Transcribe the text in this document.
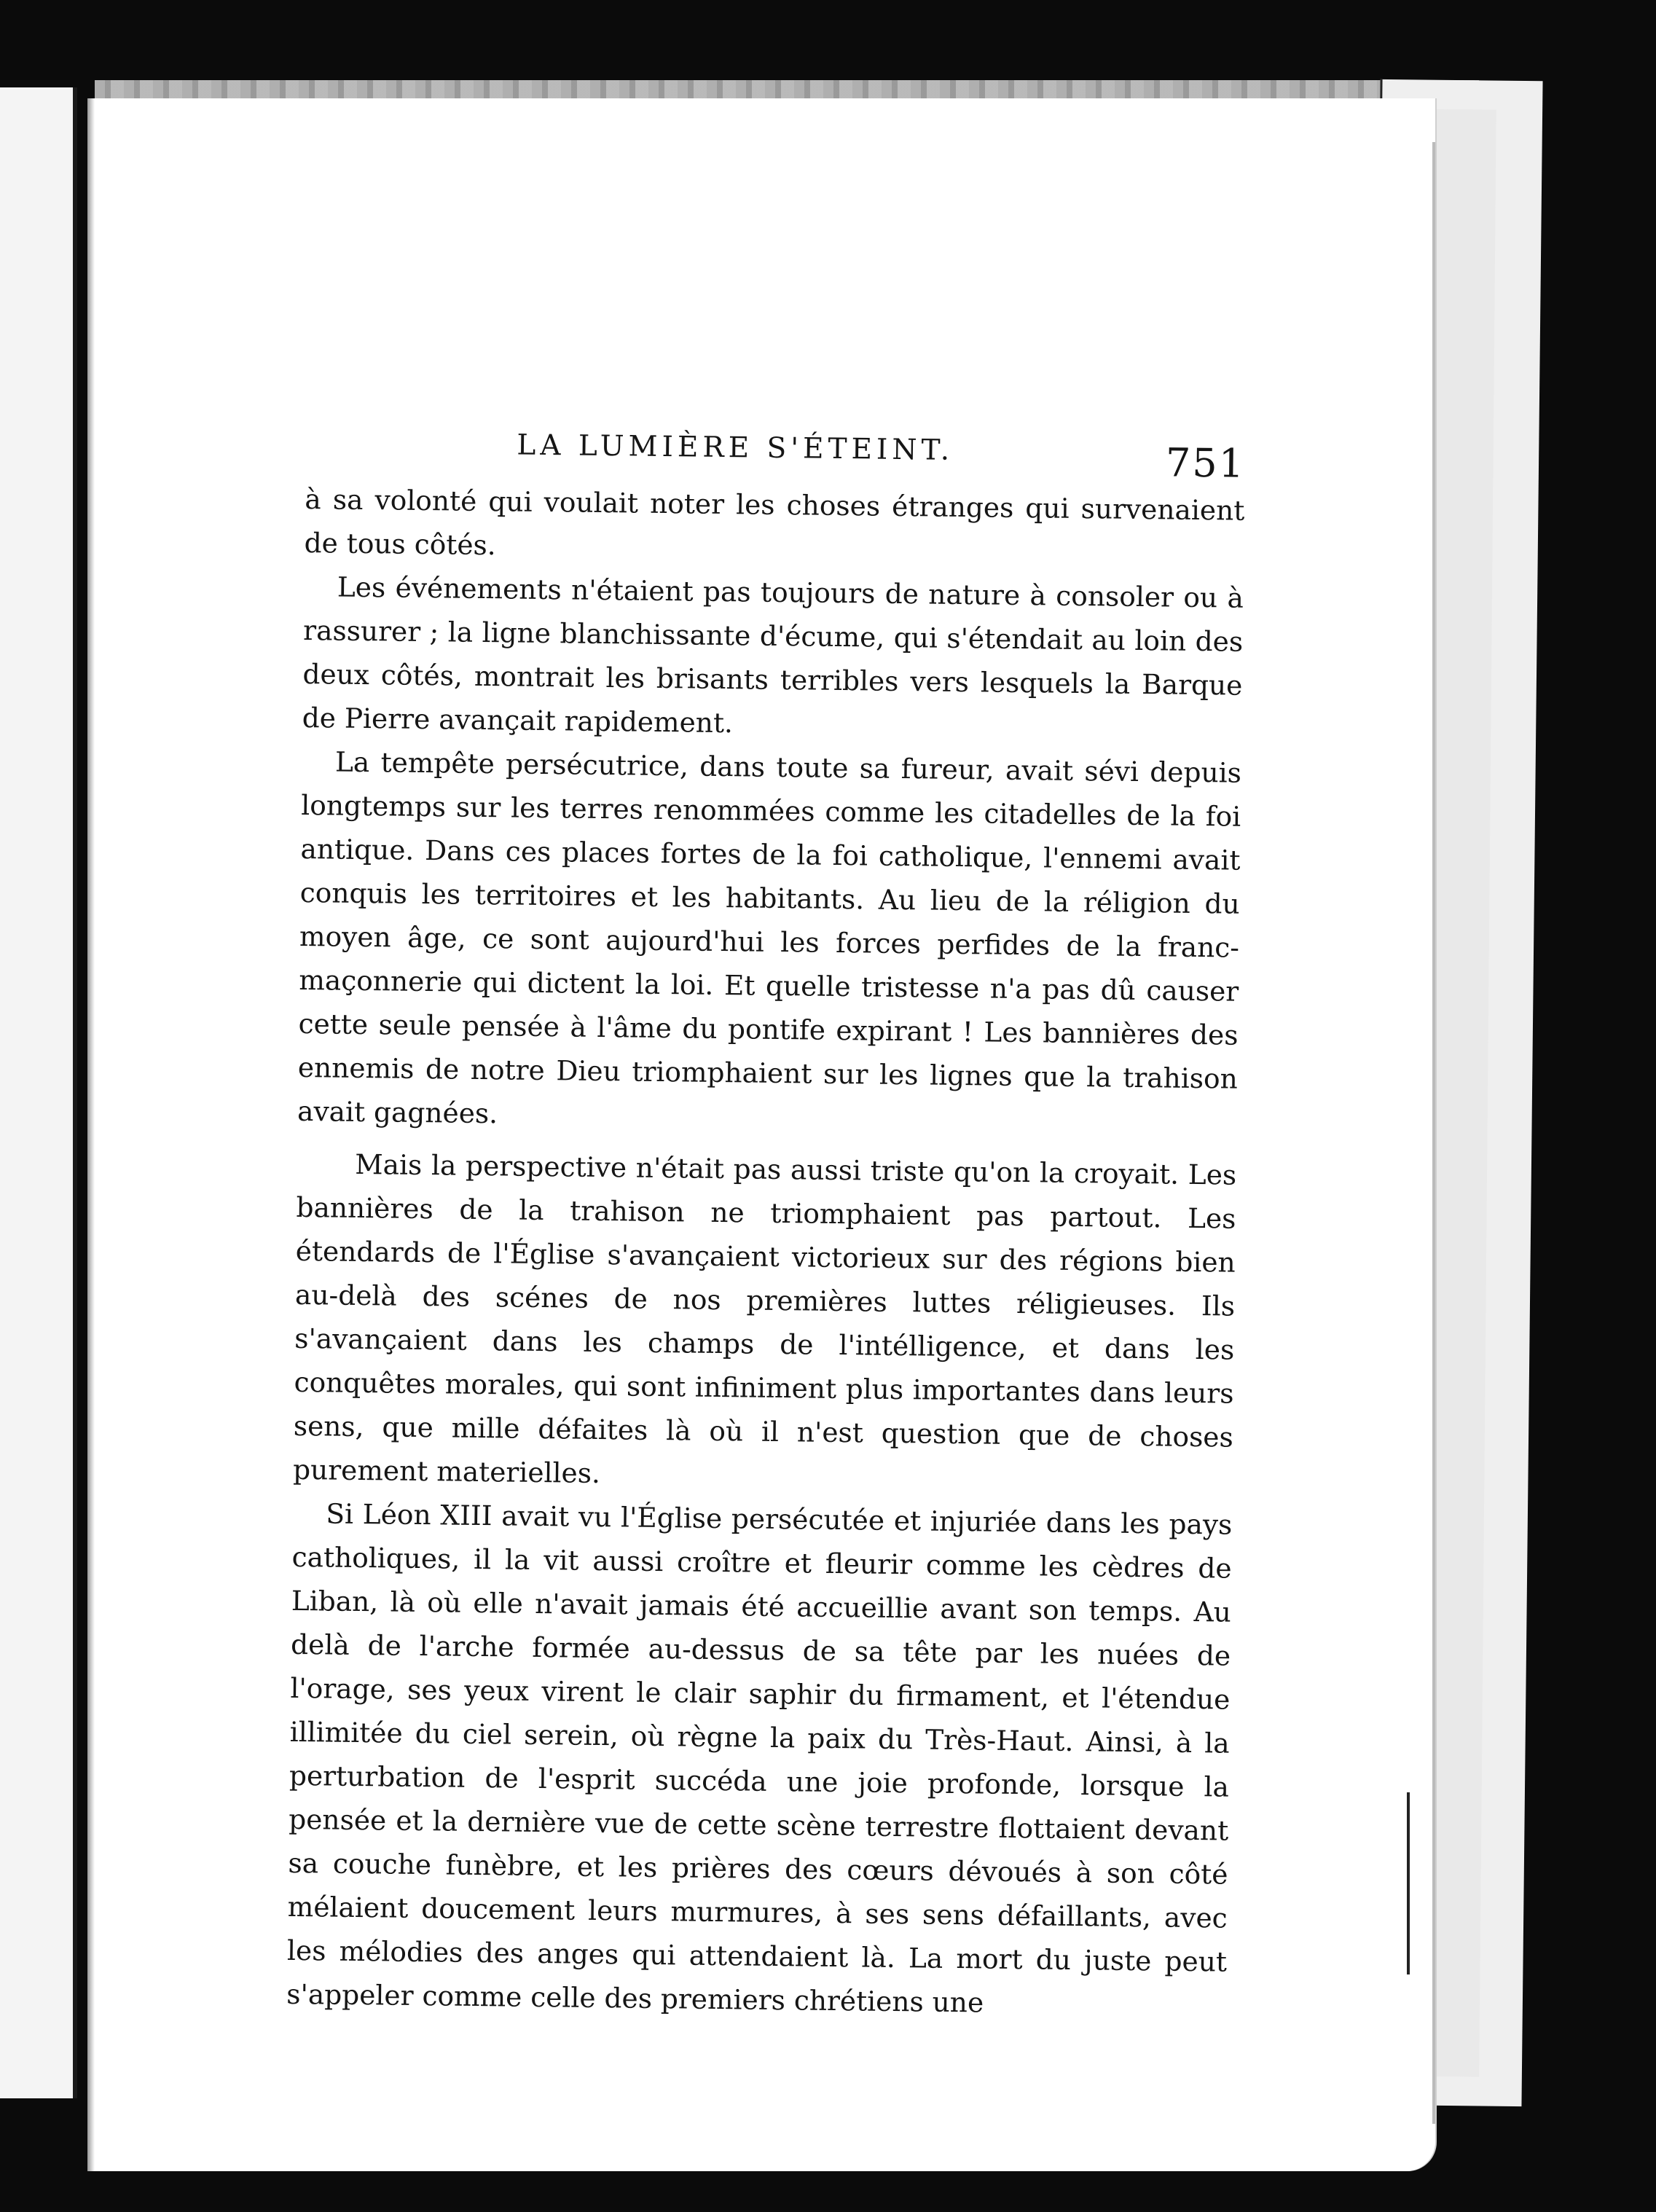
LA LUMIÈRE S'ÉTEINT.	751

à sa volonté qui voulait noter les choses étranges qui survenaient de tous côtés.

Les événements n'étaient pas toujours de nature à consoler ou à rassurer ; la ligne blanchissante d'écume, qui s'étendait au loin des deux côtés, montrait les brisants terribles vers lesquels la Barque de Pierre avançait rapidement.

La tempête persécutrice, dans toute sa fureur, avait sévi depuis longtemps sur les terres renommées comme les citadelles de la foi antique. Dans ces places fortes de la foi catholique, l'ennemi avait conquis les territoires et les habitants. Au lieu de la réligion du moyen âge, ce sont aujourd'hui les forces perfides de la franc-maçonnerie qui dictent la loi. Et quelle tristesse n'a pas dû causer cette seule pensée à l'âme du pontife expirant ! Les bannières des ennemis de notre Dieu triomphaient sur les lignes que la trahison avait gagnées.

Mais la perspective n'était pas aussi triste qu'on la croyait. Les bannières de la trahison ne triomphaient pas partout. Les étendards de l'Église s'avançaient victorieux sur des régions bien au-delà des scénes de nos premières luttes réligieuses. Ils s'avançaient dans les champs de l'intélligence, et dans les conquêtes morales, qui sont infiniment plus importantes dans leurs sens, que mille défaites là où il n'est question que de choses purement materielles.

Si Léon XIII avait vu l'Église persécutée et injuriée dans les pays catholiques, il la vit aussi croître et fleurir comme les cèdres de Liban, là où elle n'avait jamais été accueillie avant son temps. Au delà de l'arche formée au-dessus de sa tête par les nuées de l'orage, ses yeux virent le clair saphir du firmament, et l'étendue illimitée du ciel serein, où règne la paix du Très-Haut. Ainsi, à la perturbation de l'esprit succéda une joie profonde, lorsque la pensée et la dernière vue de cette scène terrestre flottaient devant sa couche funèbre, et les prières des cœurs dévoués à son côté mélaient doucement leurs murmures, à ses sens défaillants, avec les mélodies des anges qui attendaient là. La mort du juste peut s'appeler comme celle des premiers chrétiens une
